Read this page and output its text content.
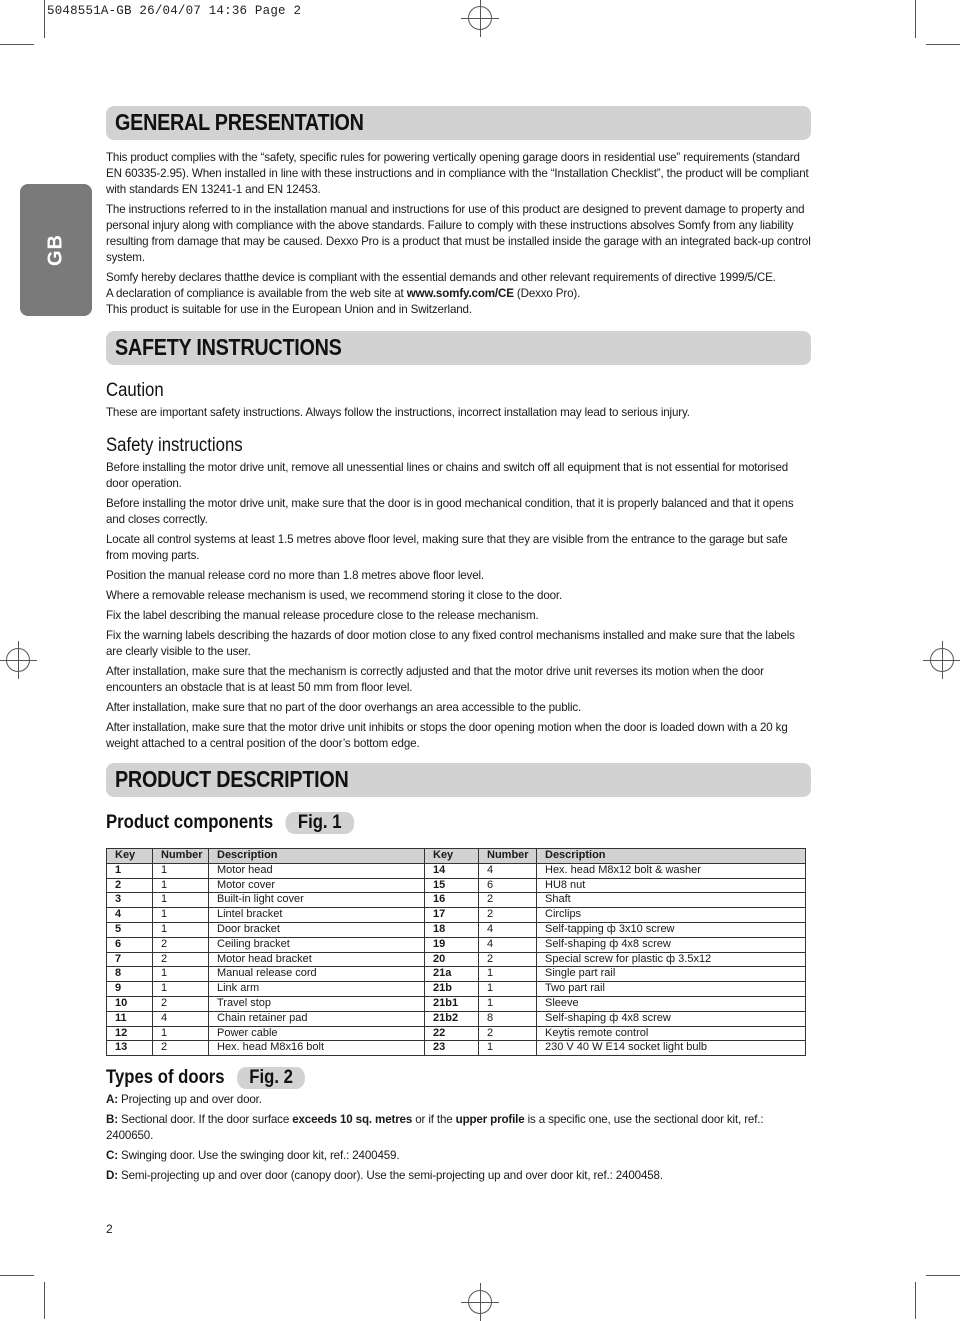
5048551A-GB 26/04/07 14:36 Page 2
GB
GENERAL PRESENTATION

This product complies with the “safety, specific rules for powering vertically opening garage doors in residential use” requirements (standard EN 60335-2.95). When installed in line with these instructions and in compliance with the “Installation Checklist”, the product will be compliant with standards EN 13241-1 and EN 12453.

The instructions referred to in the installation manual and instructions for use of this product are designed to prevent damage to property and personal injury along with compliance with the above standards. Failure to comply with these instructions absolves Somfy from any liability resulting from damage that may be caused. Dexxo Pro is a product that must be installed inside the garage with an integrated back-up control system.

Somfy hereby declares thatthe device is compliant with the essential demands and other relevant requirements of directive 1999/5/CE.

A declaration of compliance is available from the web site at www.somfy.com/CE (Dexxo Pro).

This product is suitable for use in the European Union and in Switzerland.

SAFETY INSTRUCTIONS
Caution
These are important safety instructions. Always follow the instructions, incorrect installation may lead to serious injury.
Safety instructions

Before installing the motor drive unit, remove all unessential lines or chains and switch off all equipment that is not essential for motorised door operation.

Before installing the motor drive unit, make sure that the door is in good mechanical condition, that it is properly balanced and that it opens and closes correctly.

Locate all control systems at least 1.5 metres above floor level, making sure that they are visible from the entrance to the garage but safe from moving parts.

Position the manual release cord no more than 1.8 metres above floor level.

Where a removable release mechanism is used, we recommend storing it close to the door.

Fix the label describing the manual release procedure close to the release mechanism.

Fix the warning labels describing the hazards of door motion close to any fixed control mechanisms installed and make sure that the labels are clearly visible to the user.

After installation, make sure that the mechanism is correctly adjusted and that the motor drive unit reverses its motion when the door encounters an obstacle that is at least 50 mm from floor level.

After installation, make sure that no part of the door overhangs an area accessible to the public.

After installation, make sure that the motor drive unit inhibits or stops the door opening motion when the door is loaded down with a 20 kg weight attached to a central position of the door’s bottom edge.

PRODUCT DESCRIPTION
Product components Fig. 1
Key	Number	Description	Key	Number	Description
1	1	Motor head	14	4	Hex. head M8x12 bolt & washer
2	1	Motor cover	15	6	HU8 nut
3	1	Built-in light cover	16	2	Shaft
4	1	Lintel bracket	17	2	Circlips
5	1	Door bracket	18	4	Self-tapping ф 3x10 screw
6	2	Ceiling bracket	19	4	Self-shaping ф 4x8 screw
7	2	Motor head bracket	20	2	Special screw for plastic ф 3.5x12
8	1	Manual release cord	21a	1	Single part rail
9	1	Link arm	21b	1	Two part rail
10	2	Travel stop	21b1	1	Sleeve
11	4	Chain retainer pad	21b2	8	Self-shaping ф 4x8 screw
12	1	Power cable	22	2	Keytis remote control
13	2	Hex. head M8x16 bolt	23	1	230 V 40 W E14 socket light bulb
Types of doors Fig. 2

A: Projecting up and over door.

B: Sectional door. If the door surface exceeds 10 sq. metres or if the upper profile is a specific one, use the sectional door kit, ref.: 2400650.

C: Swinging door. Use the swinging door kit, ref.: 2400459.

D: Semi-projecting up and over door (canopy door). Use the semi-projecting up and over door kit, ref.: 2400458.

2
